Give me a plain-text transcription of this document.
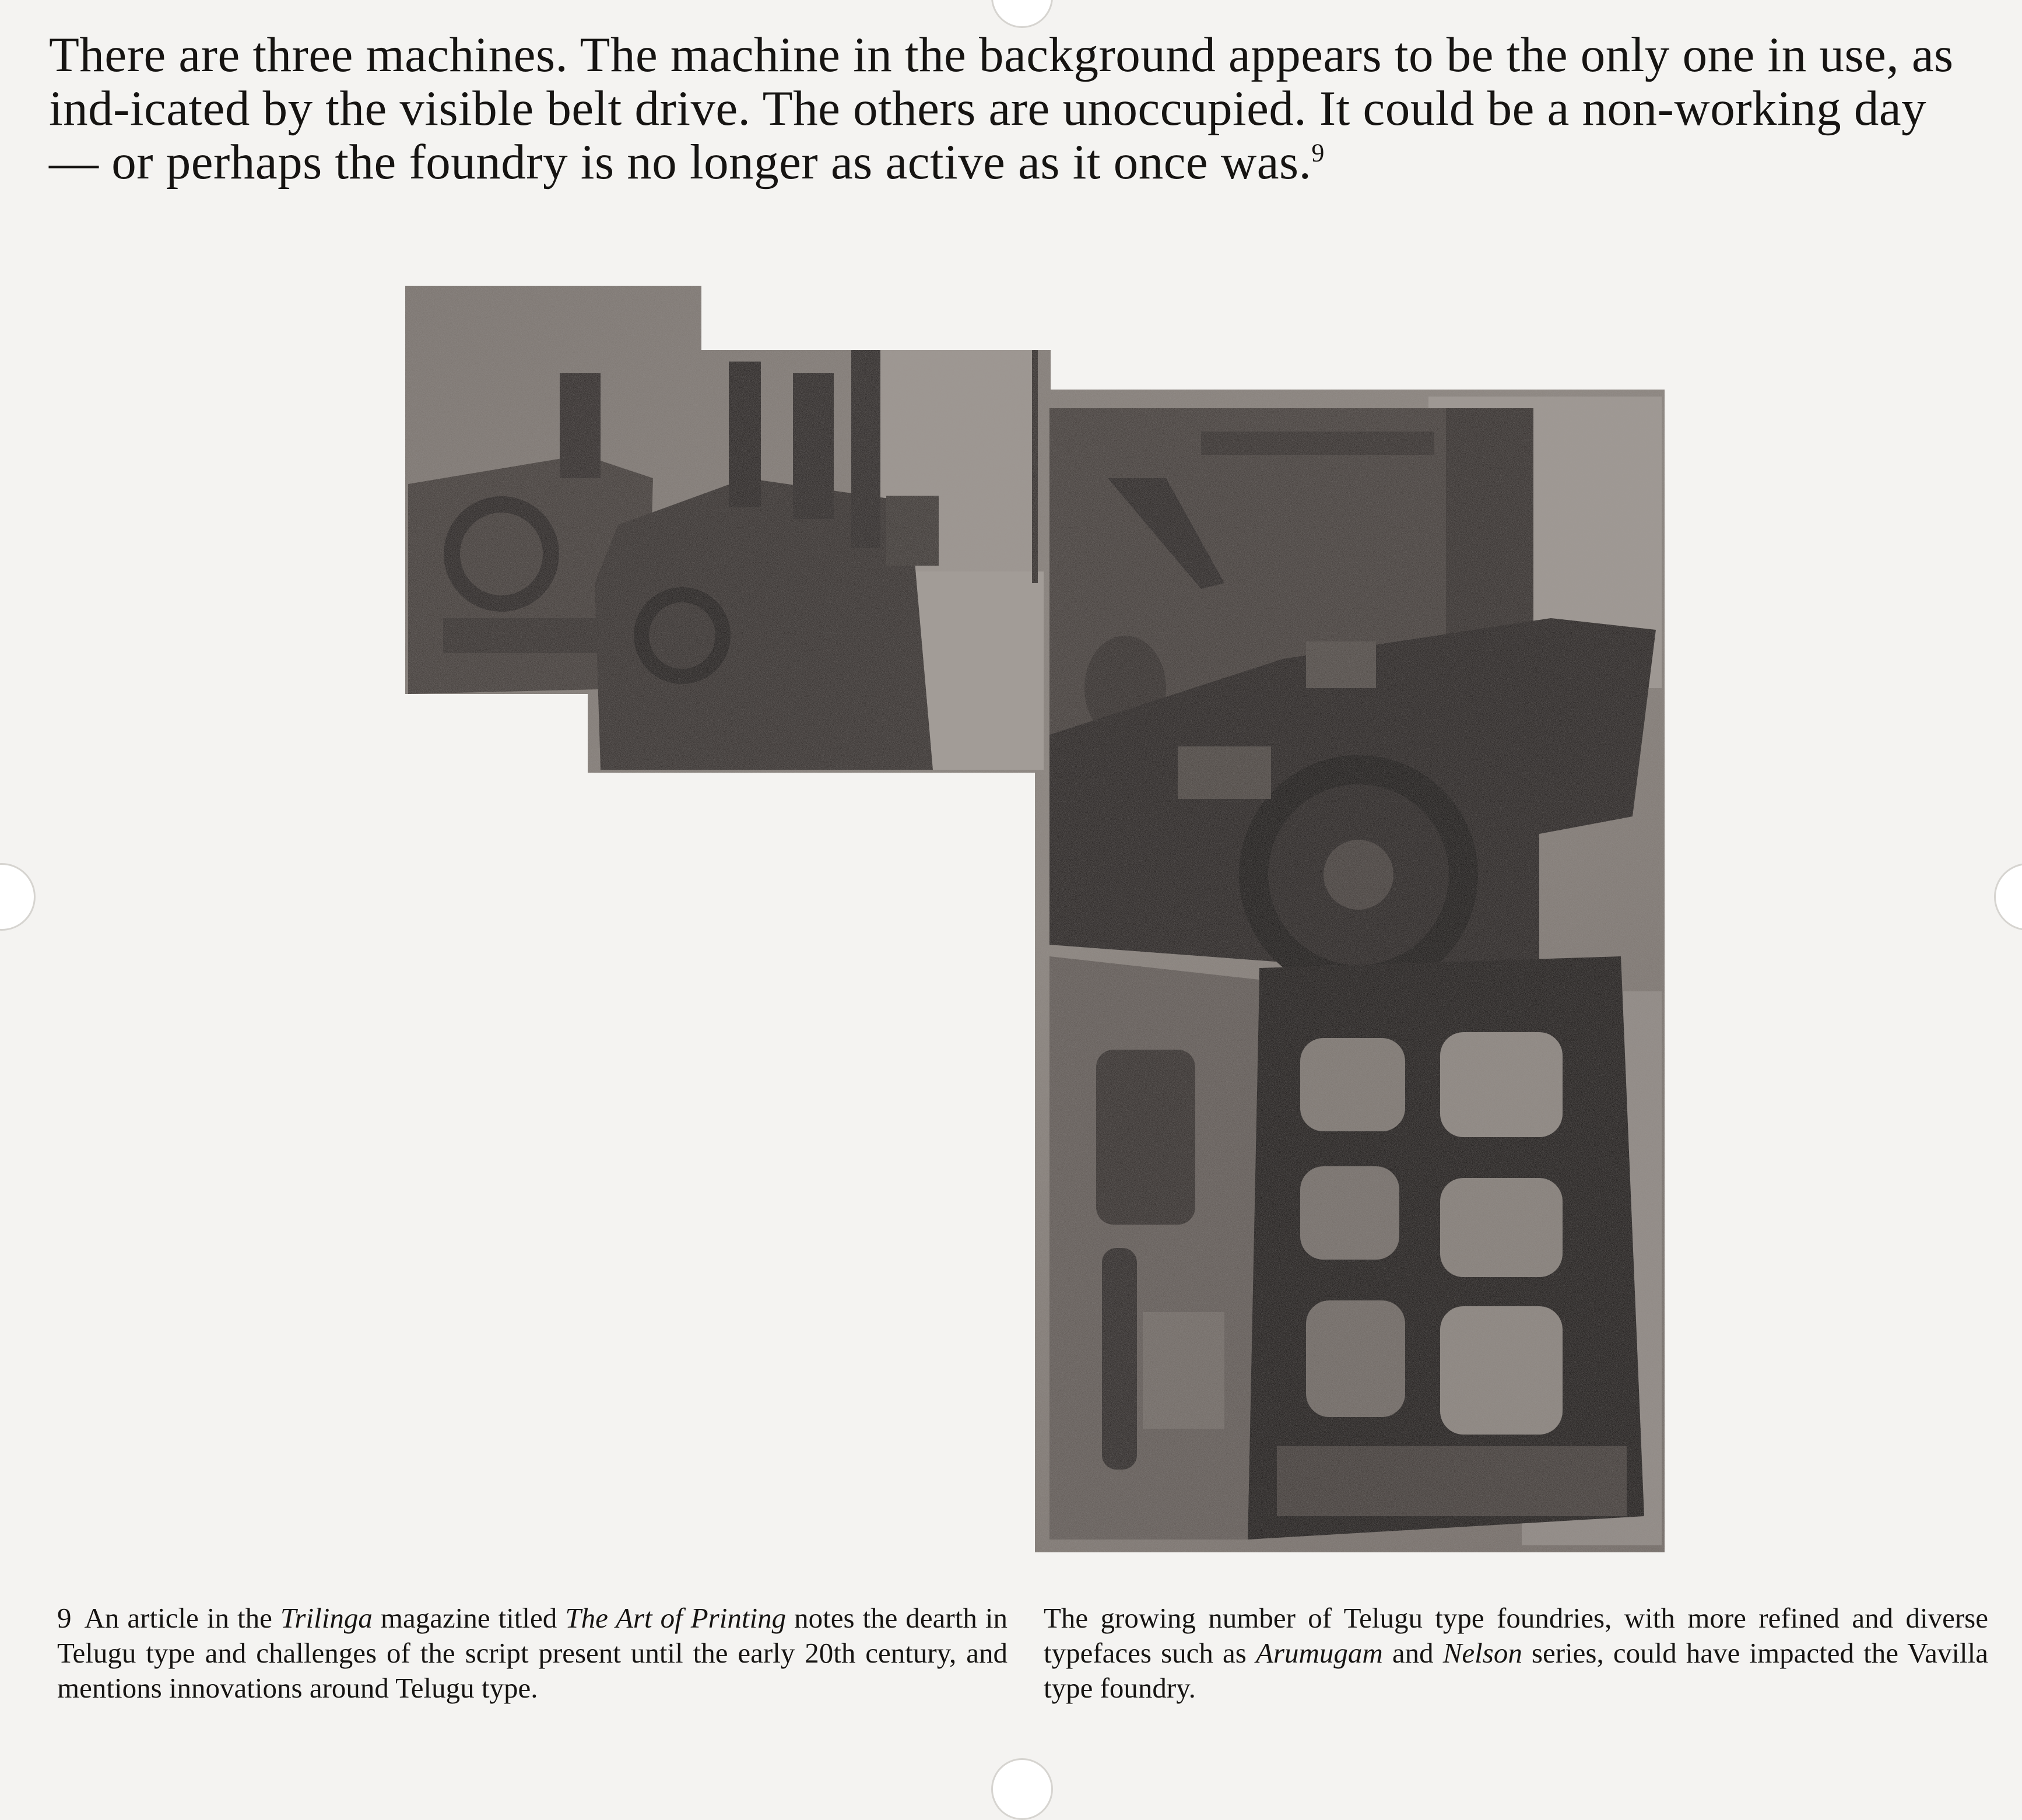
There are three machines. The machine in the background appears to be the only one in use, as ind-icated by the visible belt drive. The others are unoccupied. It could be a non-working day — or perhaps the foundry is no longer as active as it once was.$^9$

9 An article in the Trilinga magazine titled The Art of Printing notes the dearth in Telugu type and challenges of the script present until the early 20th century, and mentions innovations around Telugu type.

The growing number of Telugu type foundries, with more refined and diverse typefaces such as Arumugam and Nelson series, could have impacted the Vavilla type foundry.
